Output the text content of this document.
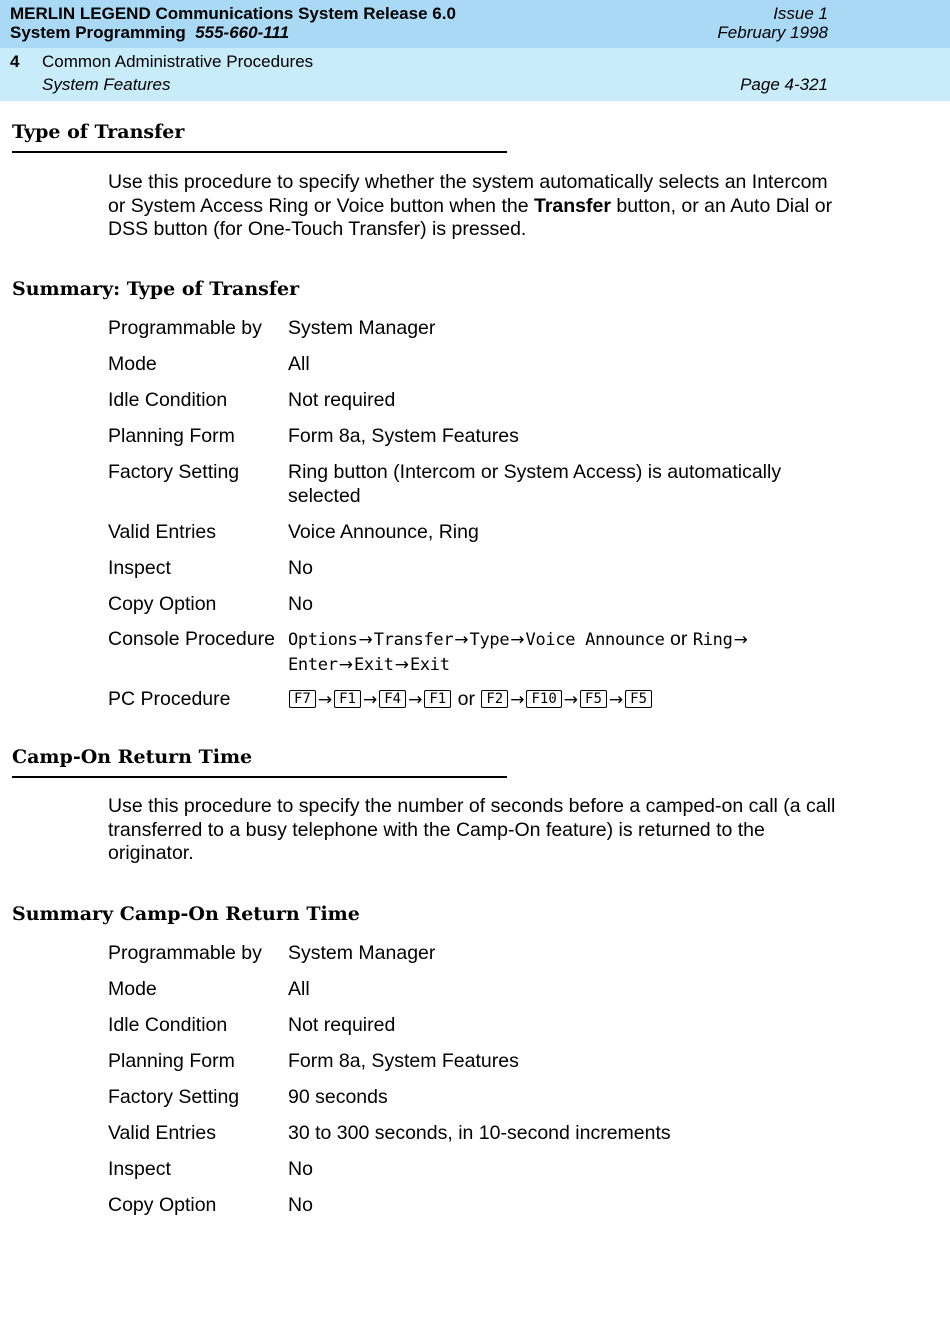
MERLIN LEGEND Communications System Release 6.0	Issue 1
System Programming 555-660-111	February 1998
4 Common Administrative Procedures
System Features	Page 4-321
Type of Transfer
Use this procedure to specify whether the system automatically selects an Intercom or System Access Ring or Voice button when the Transfer button, or an Auto Dial or DSS button (for One-Touch Transfer) is pressed.
Summary: Type of Transfer
Programmable by System Manager
Mode	All
Idle Condition	Not required
Planning Form	Form 8a, System Features
Factory Setting	Ring button (Intercom or System Access) is automatically selected
Valid Entries	Voice Announce, Ring
Inspect	No
Copy Option	No
Console Procedure Options→Transfer→Type→Voice Announce or Ring→
Enter→Exit→Exit
PC Procedure	F7 → F1 → F4 → F1 or F2 → F10 → F5 → F5
Camp-On Return Time
Use this procedure to specify the number of seconds before a camped-on call (a call transferred to a busy telephone with the Camp-On feature) is returned to the originator.
Summary Camp-On Return Time
Programmable by System Manager
Mode	All
Idle Condition	Not required
Planning Form	Form 8a, System Features
Factory Setting	90 seconds
Valid Entries	30 to 300 seconds, in 10-second increments
Inspect	No
Copy Option	No
